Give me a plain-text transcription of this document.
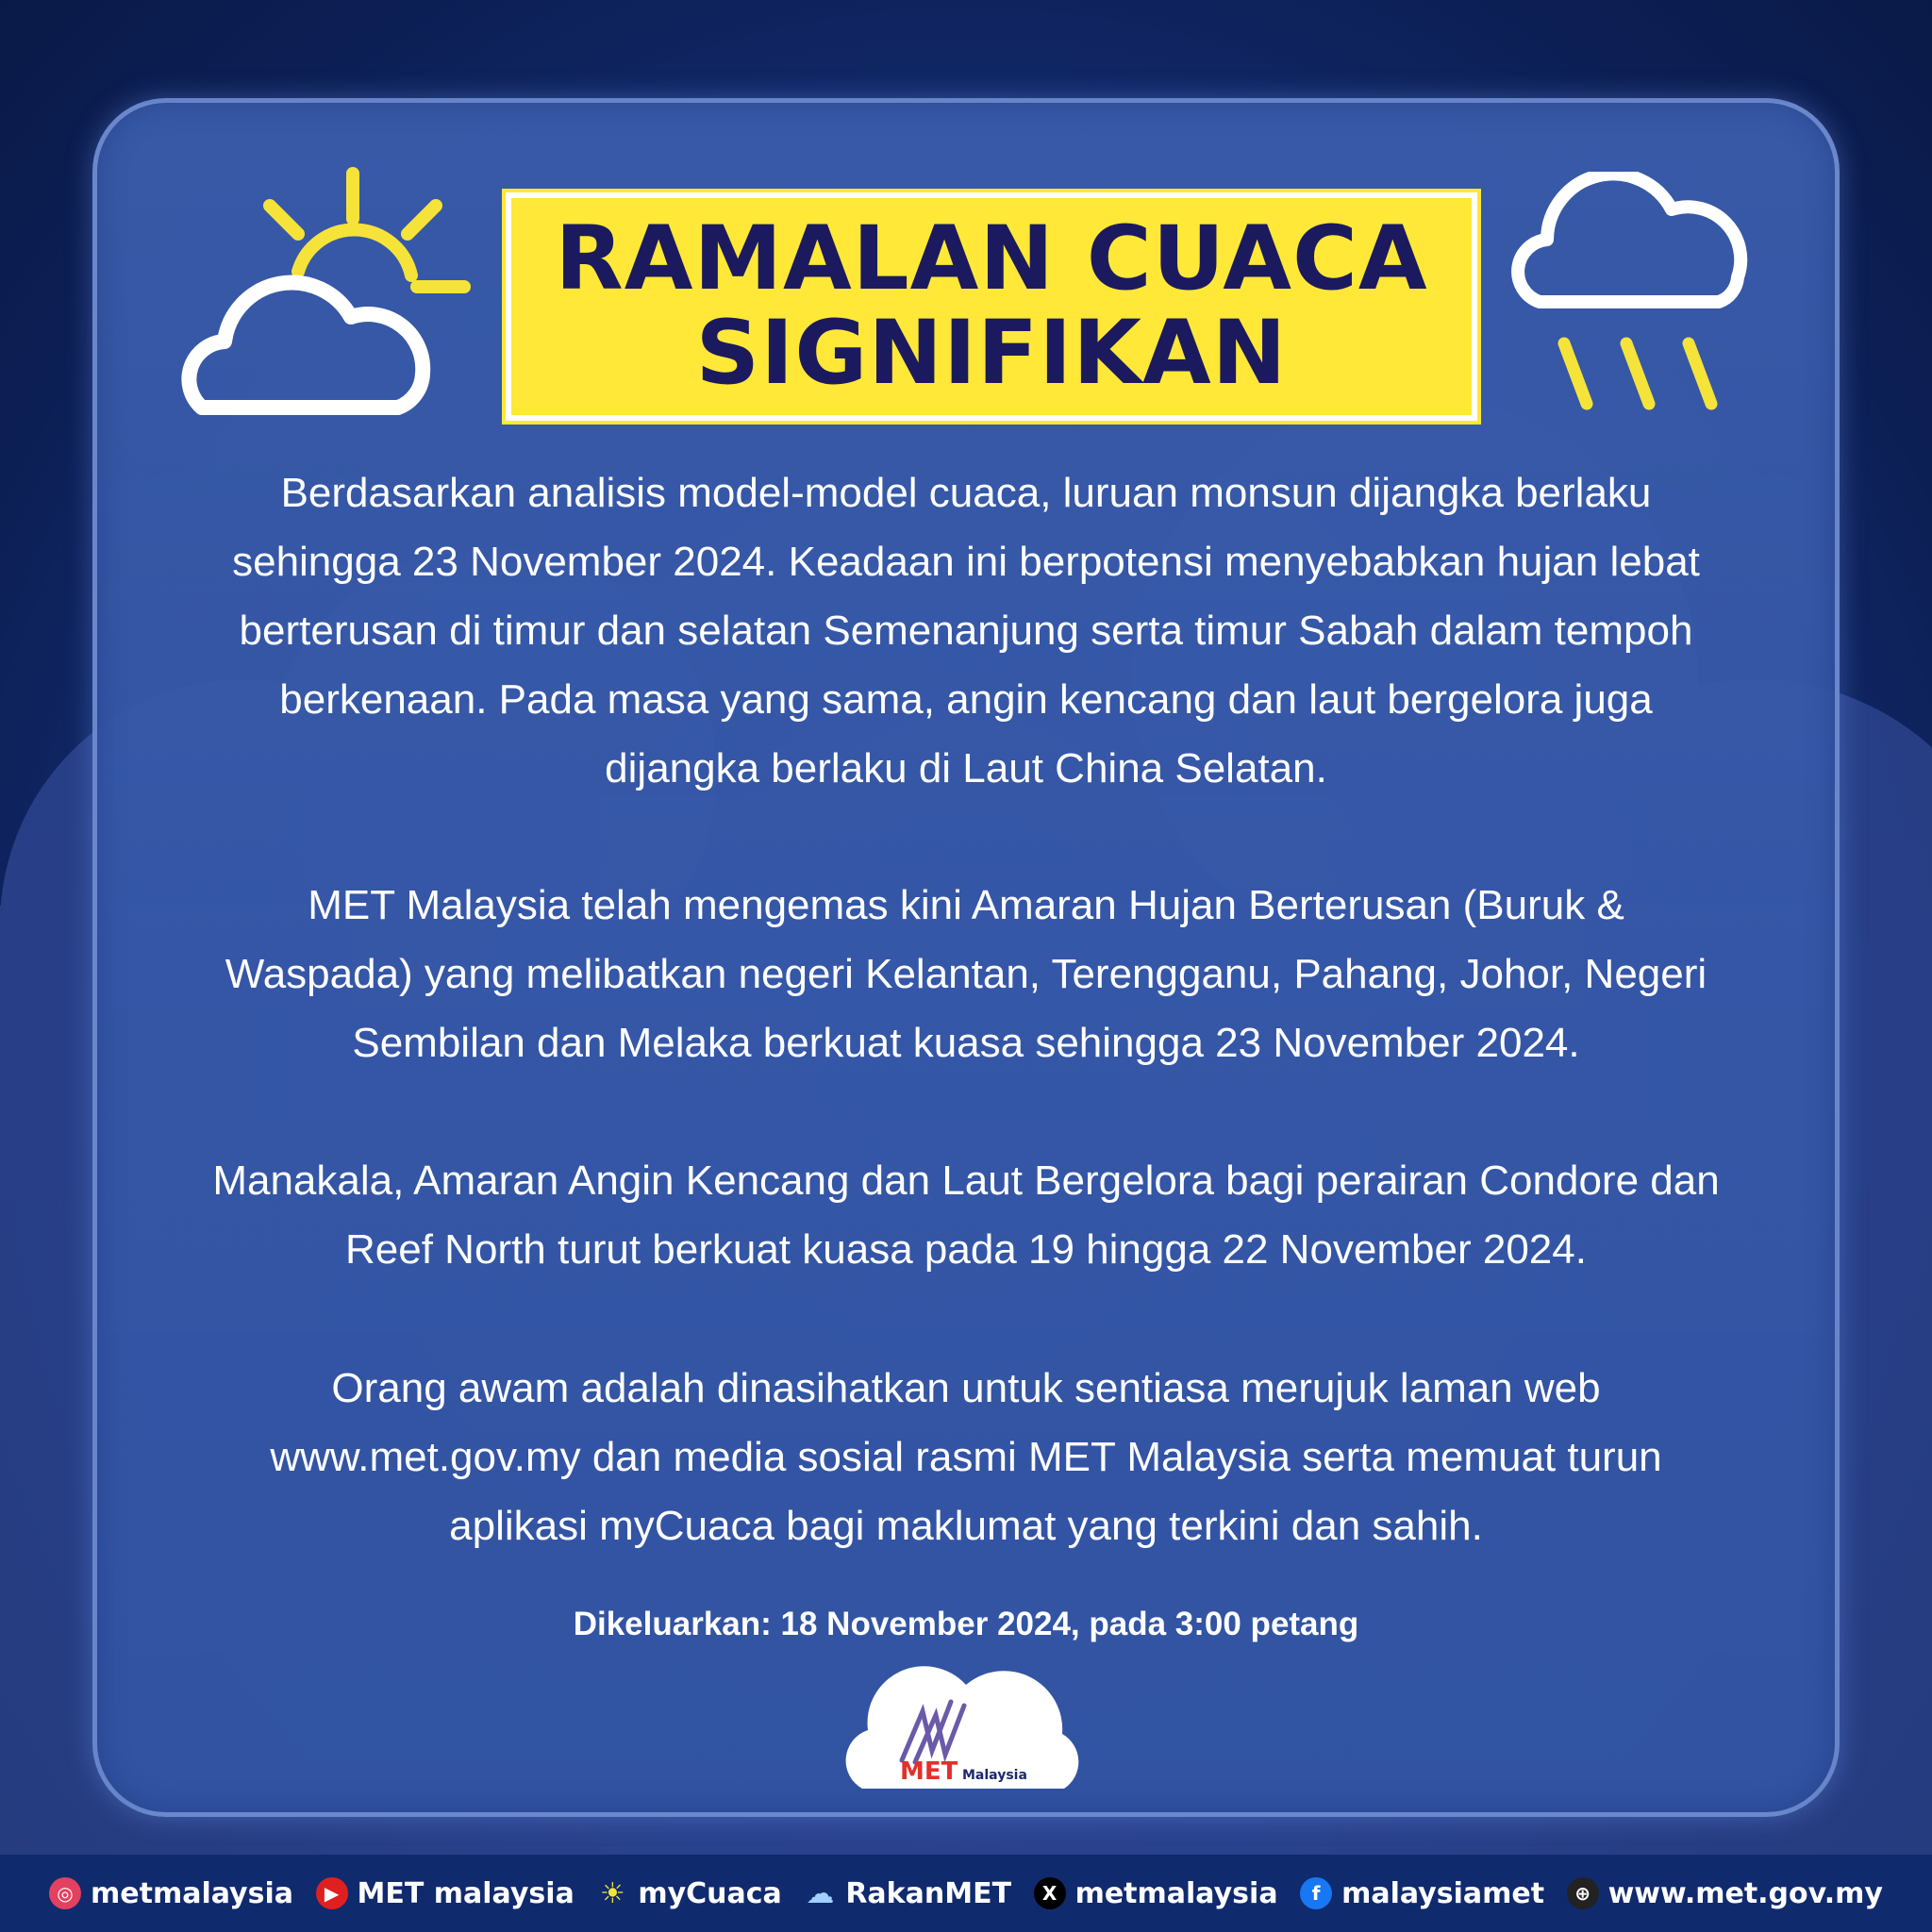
RAMALAN CUACA
SIGNIFIKAN
Berdasarkan analisis model-model cuaca, luruan monsun dijangka berlaku
sehingga 23 November 2024. Keadaan ini berpotensi menyebabkan hujan lebat
berterusan di timur dan selatan Semenanjung serta timur Sabah dalam tempoh
berkenaan. Pada masa yang sama, angin kencang dan laut bergelora juga
dijangka berlaku di Laut China Selatan.
MET Malaysia telah mengemas kini Amaran Hujan Berterusan (Buruk &
Waspada) yang melibatkan negeri Kelantan, Terengganu, Pahang, Johor, Negeri
Sembilan dan Melaka berkuat kuasa sehingga 23 November 2024.
Manakala, Amaran Angin Kencang dan Laut Bergelora bagi perairan Condore dan
Reef North turut berkuat kuasa pada 19 hingga 22 November 2024.
Orang awam adalah dinasihatkan untuk sentiasa merujuk laman web
www.met.gov.my dan media sosial rasmi MET Malaysia serta memuat turun
aplikasi myCuaca bagi maklumat yang terkini dan sahih.
Dikeluarkan: 18 November 2024, pada 3:00 petang
MET Malaysia
◎ metmalaysia	▶ MET malaysia ☀ myCuaca ☁ RakanMET	X metmalaysia	f malaysiamet	⊕ www.met.gov.my
